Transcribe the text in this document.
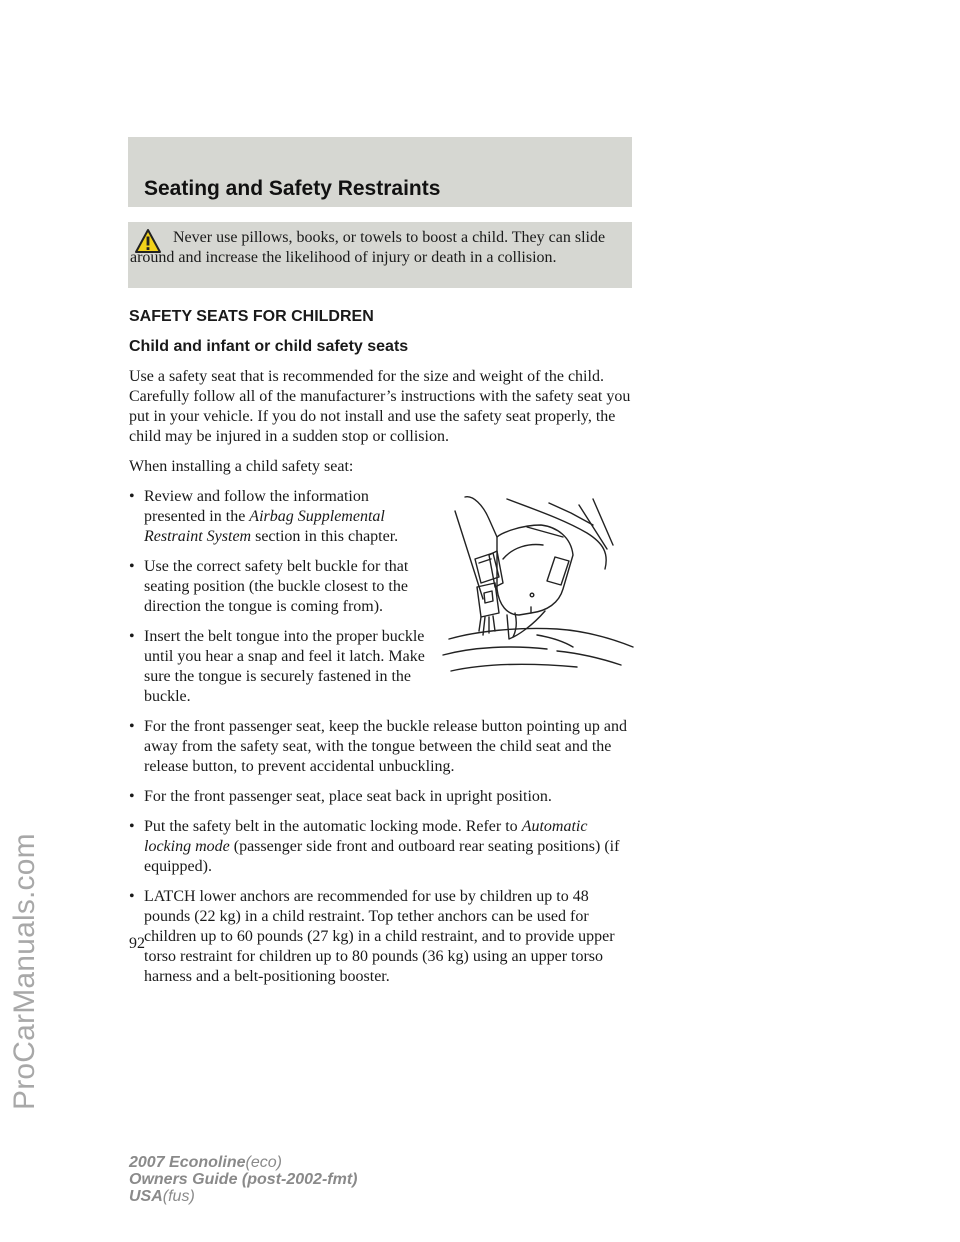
ProCarManuals.com
Seating and Safety Restraints

Never use pillows, books, or towels to boost a child. They can slide around and increase the likelihood of injury or death in a collision.

SAFETY SEATS FOR CHILDREN
Child and infant or child safety seats

Use a safety seat that is recommended for the size and weight of the child. Carefully follow all of the manufacturer’s instructions with the safety seat you put in your vehicle. If you do not install and use the safety seat properly, the child may be injured in a sudden stop or collision.

When installing a child safety seat:

• Review and follow the information presented in the Airbag Supplemental Restraint System section in this chapter.
• Use the correct safety belt buckle for that seating position (the buckle closest to the direction the tongue is coming from).
• Insert the belt tongue into the proper buckle until you hear a snap and feel it latch. Make sure the tongue is securely fastened in the buckle.
• For the front passenger seat, keep the buckle release button pointing up and away from the safety seat, with the tongue between the child seat and the release button, to prevent accidental unbuckling.
• For the front passenger seat, place seat back in upright position.
• Put the safety belt in the automatic locking mode. Refer to Automatic locking mode (passenger side front and outboard rear seating positions) (if equipped).
• LATCH lower anchors are recommended for use by children up to 48 pounds (22 kg) in a child restraint. Top tether anchors can be used for children up to 60 pounds (27 kg) in a child restraint, and to provide upper torso restraint for children up to 80 pounds (36 kg) using an upper torso harness and a belt-positioning booster.
92
2007 Econoline(eco)
Owners Guide (post-2002-fmt)
USA(fus)
